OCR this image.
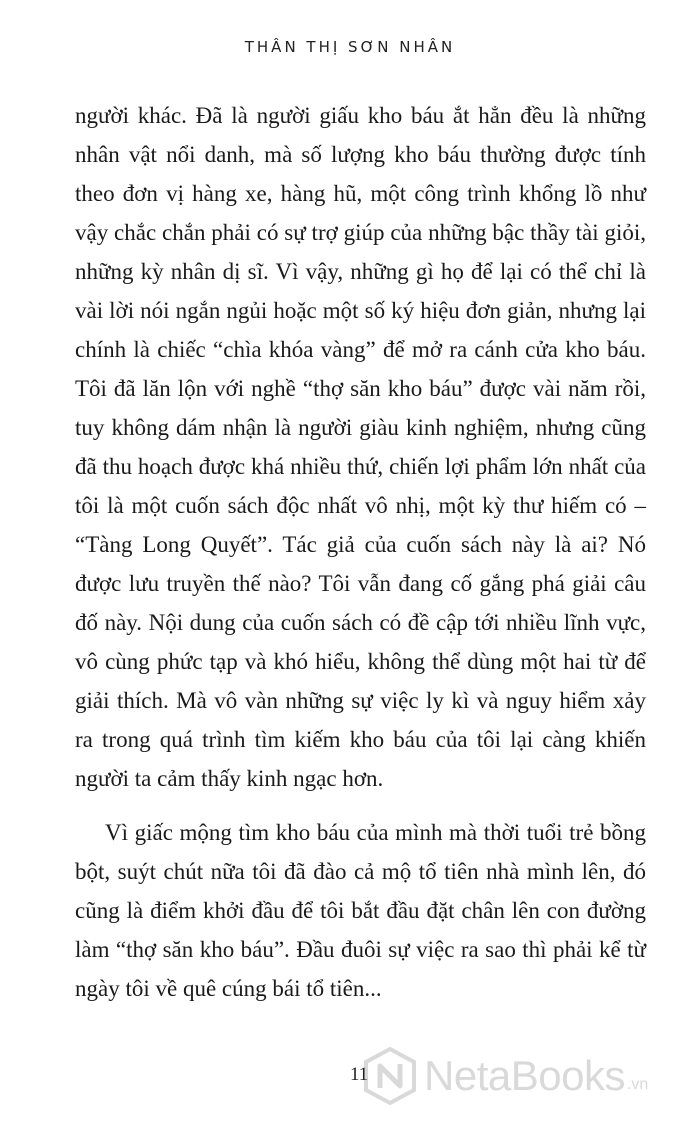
THÂN THỊ SƠN NHÂN

người khác. Đã là người giấu kho báu ắt hẳn đều là những nhân vật nổi danh, mà số lượng kho báu thường được tính theo đơn vị hàng xe, hàng hũ, một công trình khổng lồ như vậy chắc chắn phải có sự trợ giúp của những bậc thầy tài giỏi, những kỳ nhân dị sĩ. Vì vậy, những gì họ để lại có thể chỉ là vài lời nói ngắn ngủi hoặc một số ký hiệu đơn giản, nhưng lại chính là chiếc “chìa khóa vàng” để mở ra cánh cửa kho báu. Tôi đã lăn lộn với nghề “thợ săn kho báu” được vài năm rồi, tuy không dám nhận là người giàu kinh nghiệm, nhưng cũng đã thu hoạch được khá nhiều thứ, chiến lợi phẩm lớn nhất của tôi là một cuốn sách độc nhất vô nhị, một kỳ thư hiếm có – “Tàng Long Quyết”. Tác giả của cuốn sách này là ai? Nó được lưu truyền thế nào? Tôi vẫn đang cố gắng phá giải câu đố này. Nội dung của cuốn sách có đề cập tới nhiều lĩnh vực, vô cùng phức tạp và khó hiểu, không thể dùng một hai từ để giải thích. Mà vô vàn những sự việc ly kì và nguy hiểm xảy ra trong quá trình tìm kiếm kho báu của tôi lại càng khiến người ta cảm thấy kinh ngạc hơn.

Vì giấc mộng tìm kho báu của mình mà thời tuổi trẻ bồng bột, suýt chút nữa tôi đã đào cả mộ tổ tiên nhà mình lên, đó cũng là điểm khởi đầu để tôi bắt đầu đặt chân lên con đường làm “thợ săn kho báu”. Đầu đuôi sự việc ra sao thì phải kể từ ngày tôi về quê cúng bái tổ tiên...

11 NetaBooks .vn
